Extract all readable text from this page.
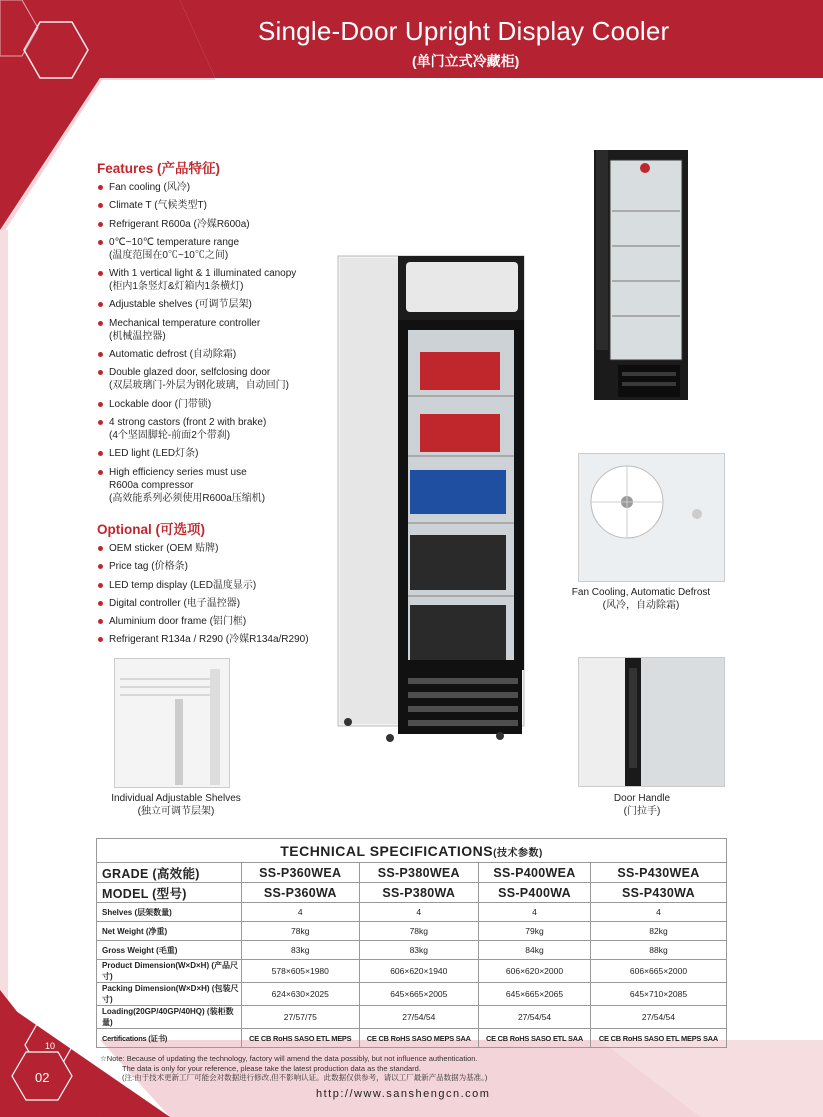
Single-Door Upright Display Cooler
(单门立式冷藏柜)
Features (产品特征)
Fan cooling (风冷)
Climate T (气候类型T)
Refrigerant R600a (冷媒R600a)
0℃~10℃ temperature range
(温度范围在0℃~10℃之间)
With 1 vertical light & 1 illuminated canopy
(柜内1条竖灯&灯箱内1条横灯)
Adjustable shelves (可调节层架)
Mechanical temperature controller
(机械温控器)
Automatic defrost (自动除霜)
Double glazed door, selfclosing door
(双层玻璃门-外层为钢化玻璃，自动回门)
Lockable door (门带锁)
4 strong castors (front 2 with brake)
(4个坚固脚轮-前面2个带刹)
LED light (LED灯条)
High efficiency series must use
R600a compressor
(高效能系列必须使用R600a压缩机)
Optional (可选项)
OEM sticker (OEM 贴牌)
Price tag (价格条)
LED temp display (LED温度显示)
Digital controller (电子温控器)
Aluminium door frame (铝门框)
Refrigerant R134a / R290 (冷媒R134a/R290)
Fan Cooling, Automatic Defrost
(风冷，自动除霜)
Individual Adjustable Shelves
(独立可调节层架)
Door Handle
(门拉手)
TECHNICAL SPECIFICATIONS(技术参数)				
GRADE (高效能)	SS-P360WEA	SS-P380WEA	SS-P400WEA	SS-P430WEA
MODEL (型号)	SS-P360WA	SS-P380WA	SS-P400WA	SS-P430WA
Shelves (层架数量)	4	4	4	4
Net Weight (净重)	78kg	78kg	79kg	82kg
Gross Weight (毛重)	83kg	83kg	84kg	88kg
Product Dimension(W×D×H) (产品尺寸)	578×605×1980	606×620×1940	606×620×2000	606×665×2000
Packing Dimension(W×D×H) (包装尺寸)	624×630×2025	645×665×2005	645×665×2065	645×710×2085
Loading(20GP/40GP/40HQ) (装柜数量)	27/57/75	27/54/54	27/54/54	27/54/54
Certifications (证书)	CE CB RoHS SASO ETL MEPS	CE CB RoHS SASO MEPS SAA	CE CB RoHS SASO ETL SAA	CE CB RoHS SASO ETL MEPS SAA
☆Note: Because of updating the technology, factory will amend the data possibly, but not influence authentication.
The data is only for your reference, please take the latest production data as the standard.
(注:由于技术更新工厂可能会对数据进行修改,但不影响认证。此数据仅供参考，请以工厂最新产品数据为基准。)
http://www.sanshengcn.com
10
02
